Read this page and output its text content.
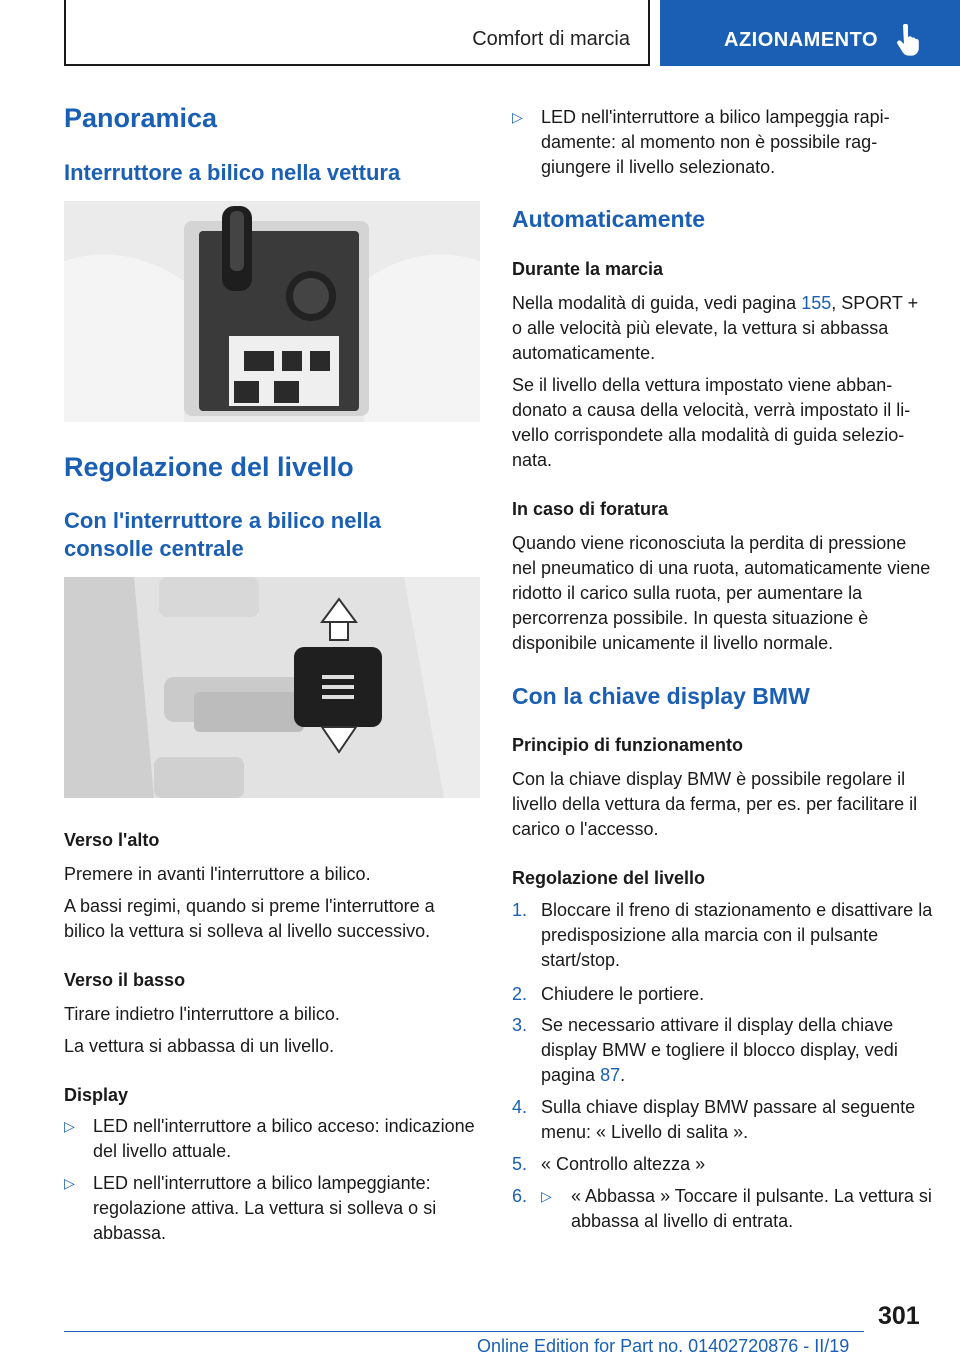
Comfort di marcia	AZIONAMENTO
Panoramica
Interruttore a bilico nella vettura
Regolazione del livello
Con l'interruttore a bilico nella consolle centrale
Verso l'alto
Premere in avanti l'interruttore a bilico.
A bassi regimi, quando si preme l'interruttore a bilico la vettura si solleva al livello successivo.
Verso il basso
Tirare indietro l'interruttore a bilico.
La vettura si abbassa di un livello.
Display
▷ LED nell'interruttore a bilico acceso: indicazione del livello attuale.
▷ LED nell'interruttore a bilico lampeggiante: regolazione attiva. La vettura si solleva o si abbassa.
▷ LED nell'interruttore a bilico lampeggia rapidamente: al momento non è possibile raggiungere il livello selezionato.
Automaticamente
Durante la marcia
Nella modalità di guida, vedi pagina 155, SPORT + o alle velocità più elevate, la vettura si abbassa automaticamente.
Se il livello della vettura impostato viene abbandonato a causa della velocità, verrà impostato il livello corrispondete alla modalità di guida selezionata.
In caso di foratura
Quando viene riconosciuta la perdita di pressione nel pneumatico di una ruota, automaticamente viene ridotto il carico sulla ruota, per aumentare la percorrenza possibile. In questa situazione è disponibile unicamente il livello normale.
Con la chiave display BMW
Principio di funzionamento
Con la chiave display BMW è possibile regolare il livello della vettura da ferma, per es. per facilitare il carico o l'accesso.
Regolazione del livello
1. Bloccare il freno di stazionamento e disattivare la predisposizione alla marcia con il pulsante start/stop.
2. Chiudere le portiere.
3. Se necessario attivare il display della chiave display BMW e togliere il blocco display, vedi pagina 87.
4. Sulla chiave display BMW passare al seguente menu: « Livello di salita ».
5. « Controllo altezza »
6. ▷ « Abbassa » Toccare il pulsante. La vettura si abbassa al livello di entrata.
301
Online Edition for Part no. 01402720876 - II/19
